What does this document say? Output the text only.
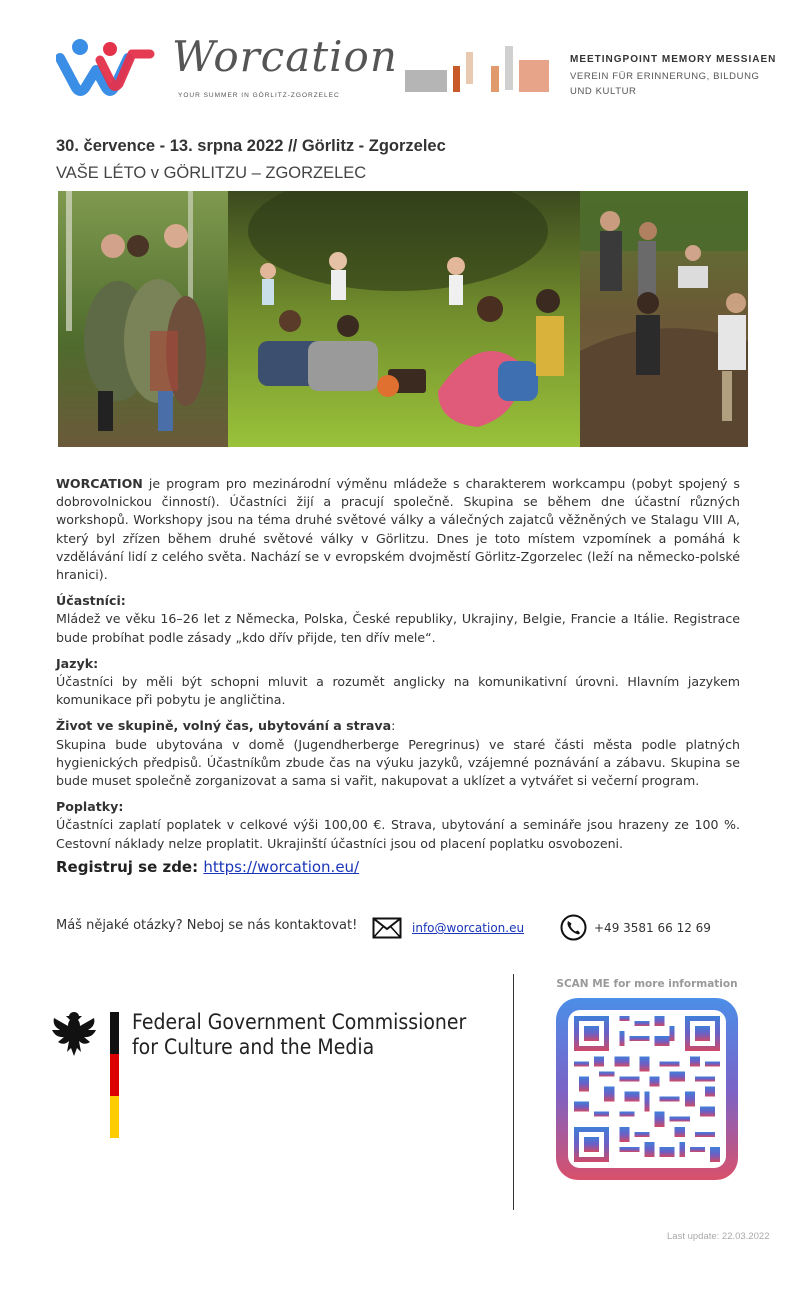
Worcation
YOUR SUMMER IN GÖRLITZ-ZGORZELEC
MEETINGPOINT MEMORY MESSIAEN
VEREIN FÜR ERINNERUNG, BILDUNG UND KULTUR
30. července - 13. srpna 2022 // Görlitz - Zgorzelec
VAŠE LÉTO v GÖRLITZU – ZGORZELEC

WORCATION je program pro mezinárodní výměnu mládeže s charakterem workcampu (pobyt spojený s dobrovolnickou činností). Účastníci žijí a pracují společně. Skupina se během dne účastní různých workshopů. Workshopy jsou na téma druhé světové války a válečných zajatců věžněných ve Stalagu VIII A, který byl zřízen během druhé světové války v Görlitzu. Dnes je toto místem vzpomínek a pomáhá k vzdělávání lidí z celého světa. Nachází se v evropském dvojměstí Görlitz-Zgorzelec (leží na německo-polské hranici).

Účastníci:
Mládež ve věku 16–26 let z Německa, Polska, České republiky, Ukrajiny, Belgie, Francie a Itálie. Registrace bude probíhat podle zásady „kdo dřív přijde, ten dřív mele“.

Jazyk:
Účastníci by měli být schopni mluvit a rozumět anglicky na komunikativní úrovni. Hlavním jazykem komunikace při pobytu je angličtina.

Život ve skupině, volný čas, ubytování a strava:
Skupina bude ubytována v domě (Jugendherberge Peregrinus) ve staré části města podle platných hygienických předpisů. Účastníkům zbude čas na výuku jazyků, vzájemné poznávání a zábavu. Skupina se bude muset společně zorganizovat a sama si vařit, nakupovat a uklízet a vytvářet si večerní program.

Poplatky:
Účastníci zaplatí poplatek v celkové výši 100,00 €. Strava, ubytování a semináře jsou hrazeny ze 100 %. Cestovní náklady nelze proplatit. Ukrajinští účastníci jsou od placení poplatku osvobozeni.

Registruj se zde: https://worcation.eu/
Máš nějaké otázky? Neboj se nás kontaktovat!	info@worcation.eu	+49 3581 66 12 69
Federal Government Commissioner
for Culture and the Media
SCAN ME for more information
Last update: 22.03.2022
